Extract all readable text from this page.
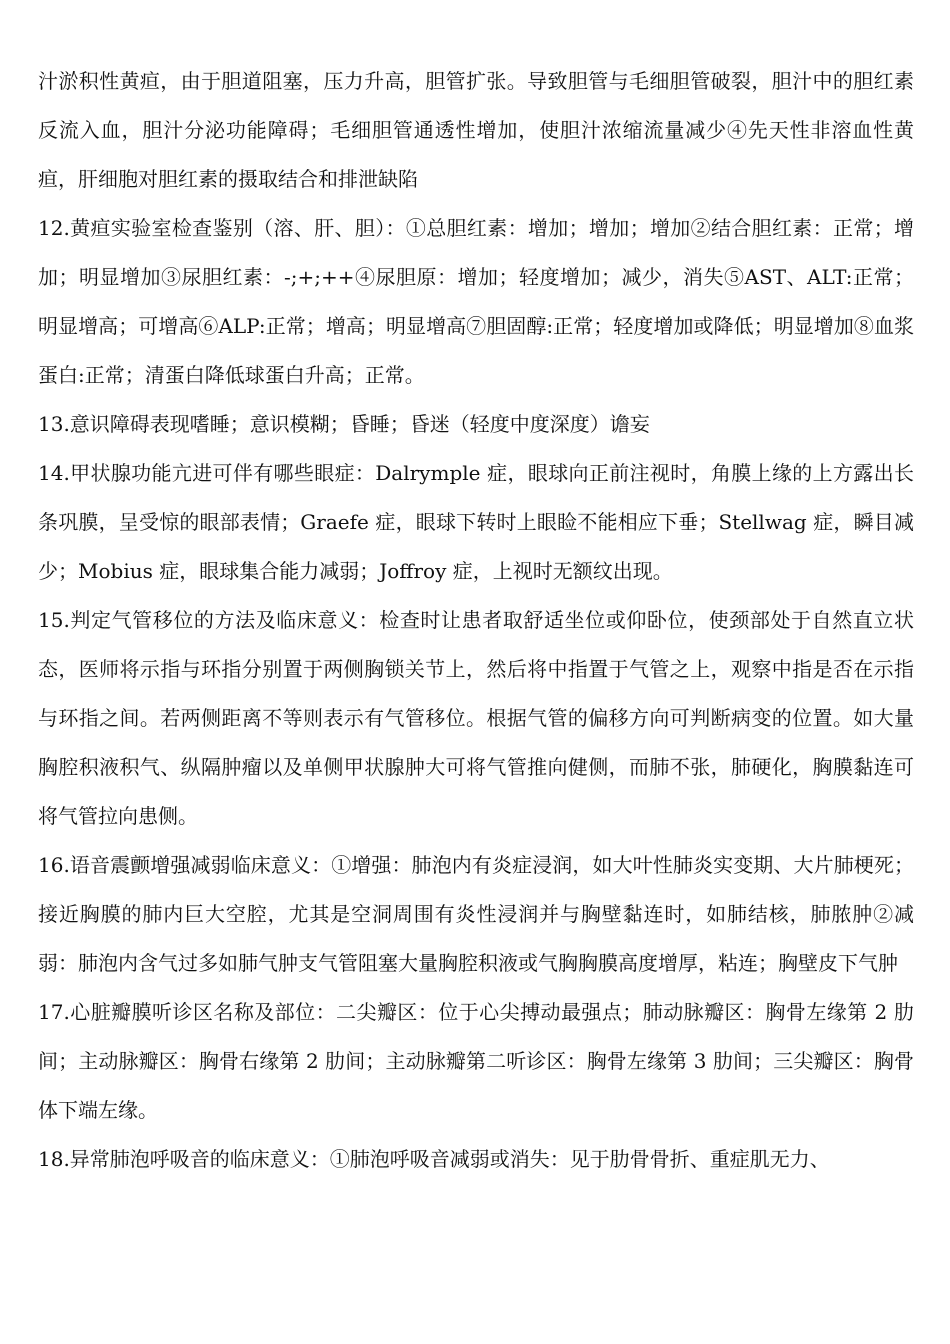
汁淤积性黄疸，由于胆道阻塞，压力升高，胆管扩张。导致胆管与毛细胆管破裂，胆汁中的胆红素反流入血，胆汁分泌功能障碍；毛细胆管通透性增加，使胆汁浓缩流量减少④先天性非溶血性黄疸，肝细胞对胆红素的摄取结合和排泄缺陷

12.黄疸实验室检查鉴别（溶、肝、胆）：①总胆红素：增加；增加；增加②结合胆红素：正常；增加；明显增加③尿胆红素：-;+;++④尿胆原：增加；轻度增加；减少，消失⑤AST、ALT:正常；明显增高；可增高⑥ALP:正常；增高；明显增高⑦胆固醇:正常；轻度增加或降低；明显增加⑧血浆蛋白:正常；清蛋白降低球蛋白升高；正常。

13.意识障碍表现嗜睡；意识模糊；昏睡；昏迷（轻度中度深度）谵妄

14.甲状腺功能亢进可伴有哪些眼症：Dalrymple 症，眼球向正前注视时，角膜上缘的上方露出长条巩膜，呈受惊的眼部表情；Graefe 症，眼球下转时上眼睑不能相应下垂；Stellwag 症，瞬目减少；Mobius 症，眼球集合能力减弱；Joffroy 症，上视时无额纹出现。

15.判定气管移位的方法及临床意义：检查时让患者取舒适坐位或仰卧位，使颈部处于自然直立状态，医师将示指与环指分别置于两侧胸锁关节上，然后将中指置于气管之上，观察中指是否在示指与环指之间。若两侧距离不等则表示有气管移位。根据气管的偏移方向可判断病变的位置。如大量胸腔积液积气、纵隔肿瘤以及单侧甲状腺肿大可将气管推向健侧，而肺不张，肺硬化，胸膜黏连可将气管拉向患侧。

16.语音震颤增强减弱临床意义：①增强：肺泡内有炎症浸润，如大叶性肺炎实变期、大片肺梗死；接近胸膜的肺内巨大空腔，尤其是空洞周围有炎性浸润并与胸壁黏连时，如肺结核，肺脓肿②减弱：肺泡内含气过多如肺气肿支气管阻塞大量胸腔积液或气胸胸膜高度增厚，粘连；胸壁皮下气肿

17.心脏瓣膜听诊区名称及部位：二尖瓣区：位于心尖搏动最强点；肺动脉瓣区：胸骨左缘第 2 肋间；主动脉瓣区：胸骨右缘第 2 肋间；主动脉瓣第二听诊区：胸骨左缘第 3 肋间；三尖瓣区：胸骨体下端左缘。

18.异常肺泡呼吸音的临床意义：①肺泡呼吸音减弱或消失：见于肋骨骨折、重症肌无力、
